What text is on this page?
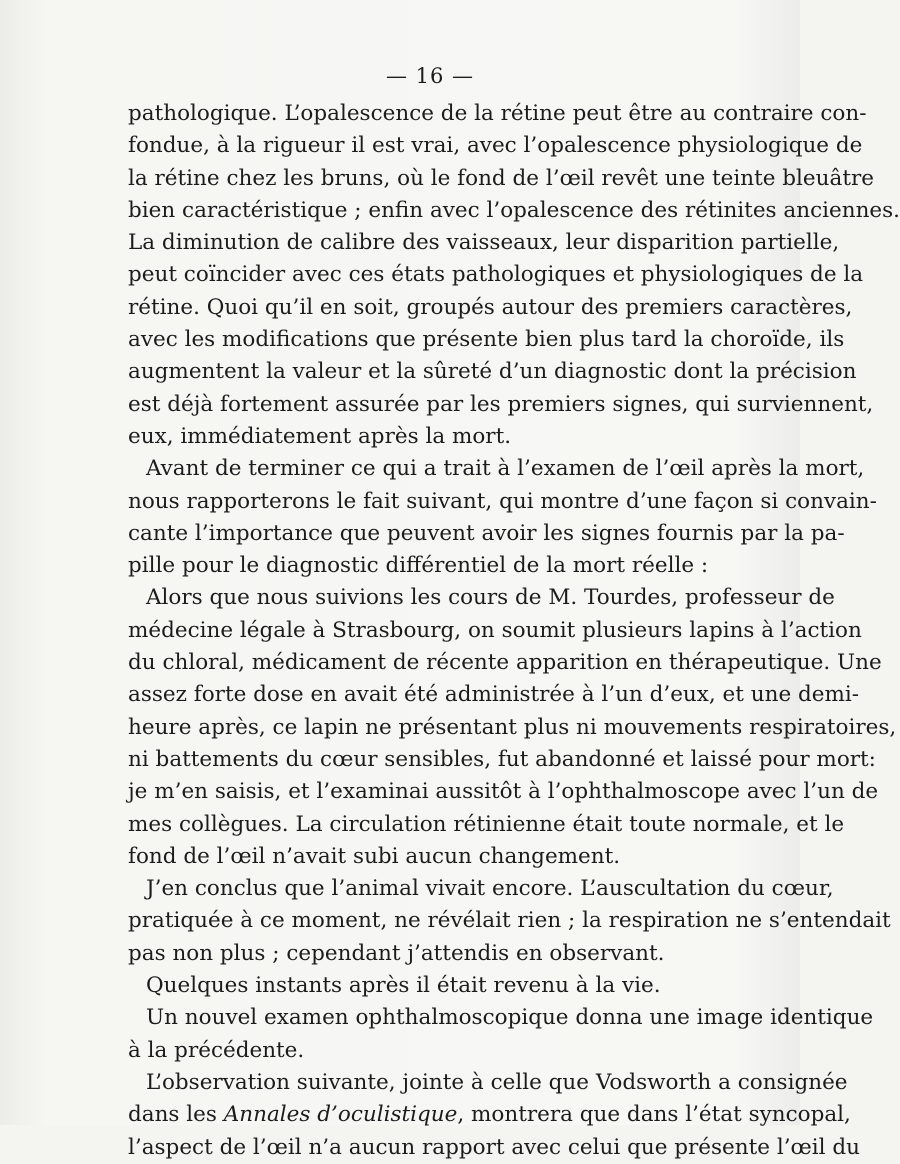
— 16 —
pathologique. L’opalescence de la rétine peut être au contraire con-
fondue, à la rigueur il est vrai, avec l’opalescence physiologique de
la rétine chez les bruns, où le fond de l’œil revêt une teinte bleuâtre
bien caractéristique ; enfin avec l’opalescence des rétinites anciennes.
La diminution de calibre des vaisseaux, leur disparition partielle,
peut coïncider avec ces états pathologiques et physiologiques de la
rétine. Quoi qu’il en soit, groupés autour des premiers caractères,
avec les modifications que présente bien plus tard la choroïde, ils
augmentent la valeur et la sûreté d’un diagnostic dont la précision
est déjà fortement assurée par les premiers signes, qui surviennent,
eux, immédiatement après la mort.
Avant de terminer ce qui a trait à l’examen de l’œil après la mort,
nous rapporterons le fait suivant, qui montre d’une façon si convain-
cante l’importance que peuvent avoir les signes fournis par la pa-
pille pour le diagnostic différentiel de la mort réelle :
Alors que nous suivions les cours de M. Tourdes, professeur de
médecine légale à Strasbourg, on soumit plusieurs lapins à l’action
du chloral, médicament de récente apparition en thérapeutique. Une
assez forte dose en avait été administrée à l’un d’eux, et une demi-
heure après, ce lapin ne présentant plus ni mouvements respiratoires,
ni battements du cœur sensibles, fut abandonné et laissé pour mort:
je m’en saisis, et l’examinai aussitôt à l’ophthalmoscope avec l’un de
mes collègues. La circulation rétinienne était toute normale, et le
fond de l’œil n’avait subi aucun changement.
J’en conclus que l’animal vivait encore. L’auscultation du cœur,
pratiquée à ce moment, ne révélait rien ; la respiration ne s’entendait
pas non plus ; cependant j’attendis en observant.
Quelques instants après il était revenu à la vie.
Un nouvel examen ophthalmoscopique donna une image identique
à la précédente.
L’observation suivante, jointe à celle que Vodsworth a consignée
dans les Annales d’oculistique, montrera que dans l’état syncopal,
l’aspect de l’œil n’a aucun rapport avec celui que présente l’œil du
